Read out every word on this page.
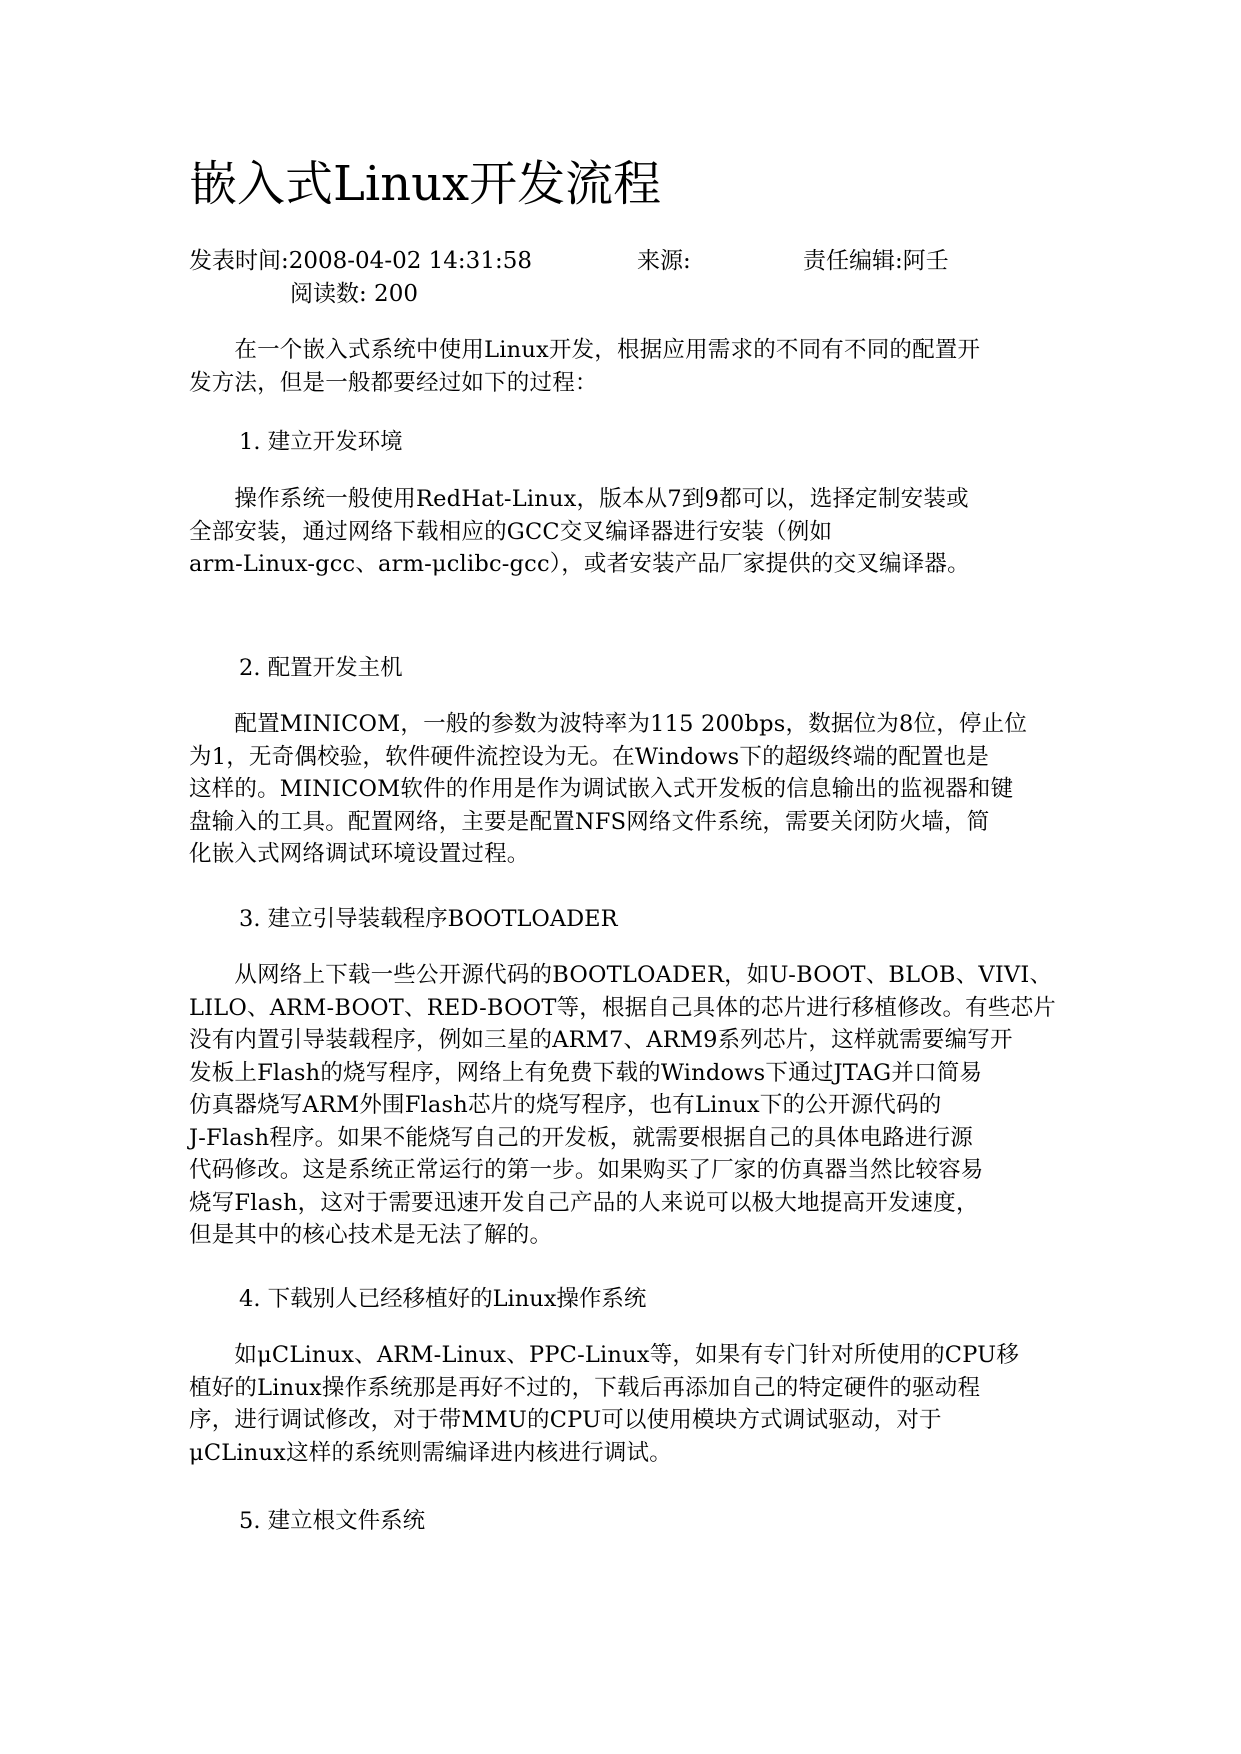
嵌入式Linux开发流程
发表时间:2008-04-02 14:31:58	来源:	责任编辑:阿壬
阅读数: 200

　　在一个嵌入式系统中使用Linux开发，根据应用需求的不同有不同的配置开
发方法，但是一般都要经过如下的过程：

1. 建立开发环境

　　操作系统一般使用RedHat-Linux，版本从7到9都可以，选择定制安装或
全部安装，通过网络下载相应的GCC交叉编译器进行安装（例如
arm-Linux-gcc、arm-μclibc-gcc），或者安装产品厂家提供的交叉编译器。

2. 配置开发主机

　　配置MINICOM，一般的参数为波特率为115 200bps，数据位为8位，停止位
为1，无奇偶校验，软件硬件流控设为无。在Windows下的超级终端的配置也是
这样的。MINICOM软件的作用是作为调试嵌入式开发板的信息输出的监视器和键
盘输入的工具。配置网络，主要是配置NFS网络文件系统，需要关闭防火墙，简
化嵌入式网络调试环境设置过程。

3. 建立引导装载程序BOOTLOADER

　　从网络上下载一些公开源代码的BOOTLOADER，如U-BOOT、BLOB、VIVI、
LILO、ARM-BOOT、RED-BOOT等，根据自己具体的芯片进行移植修改。有些芯片
没有内置引导装载程序，例如三星的ARM7、ARM9系列芯片，这样就需要编写开
发板上Flash的烧写程序，网络上有免费下载的Windows下通过JTAG并口简易
仿真器烧写ARM外围Flash芯片的烧写程序，也有Linux下的公开源代码的
J-Flash程序。如果不能烧写自己的开发板，就需要根据自己的具体电路进行源
代码修改。这是系统正常运行的第一步。如果购买了厂家的仿真器当然比较容易
烧写Flash，这对于需要迅速开发自己产品的人来说可以极大地提高开发速度，
但是其中的核心技术是无法了解的。

4. 下载别人已经移植好的Linux操作系统

　　如μCLinux、ARM-Linux、PPC-Linux等，如果有专门针对所使用的CPU移
植好的Linux操作系统那是再好不过的，下载后再添加自己的特定硬件的驱动程
序，进行调试修改，对于带MMU的CPU可以使用模块方式调试驱动，对于
μCLinux这样的系统则需编译进内核进行调试。

5. 建立根文件系统
